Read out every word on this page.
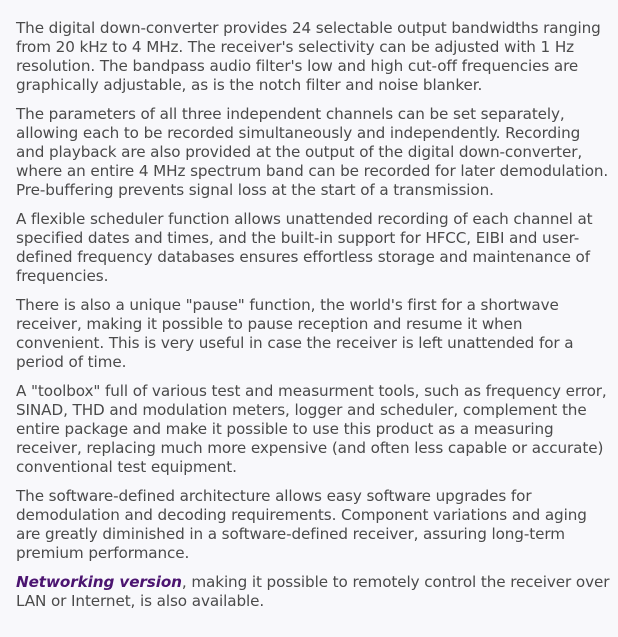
The digital down-converter provides 24 selectable output bandwidths ranging from 20 kHz to 4 MHz. The receiver's selectivity can be adjusted with 1 Hz resolution. The bandpass audio filter's low and high cut-off frequencies are graphically adjustable, as is the notch filter and noise blanker.

The parameters of all three independent channels can be set separately, allowing each to be recorded simultaneously and independently. Recording and playback are also provided at the output of the digital down-converter, where an entire 4 MHz spectrum band can be recorded for later demodulation. Pre-buffering prevents signal loss at the start of a transmission.

A flexible scheduler function allows unattended recording of each channel at specified dates and times, and the built-in support for HFCC, EIBI and user-defined frequency databases ensures effortless storage and maintenance of frequencies.

There is also a unique "pause" function, the world's first for a shortwave receiver, making it possible to pause reception and resume it when convenient. This is very useful in case the receiver is left unattended for a period of time.

A "toolbox" full of various test and measurment tools, such as frequency error, SINAD, THD and modulation meters, logger and scheduler, complement the entire package and make it possible to use this product as a measuring receiver, replacing much more expensive (and often less capable or accurate) conventional test equipment.

The software-defined architecture allows easy software upgrades for demodulation and decoding requirements. Component variations and aging are greatly diminished in a software-defined receiver, assuring long-term premium performance.

Networking version, making it possible to remotely control the receiver over LAN or Internet, is also available.
